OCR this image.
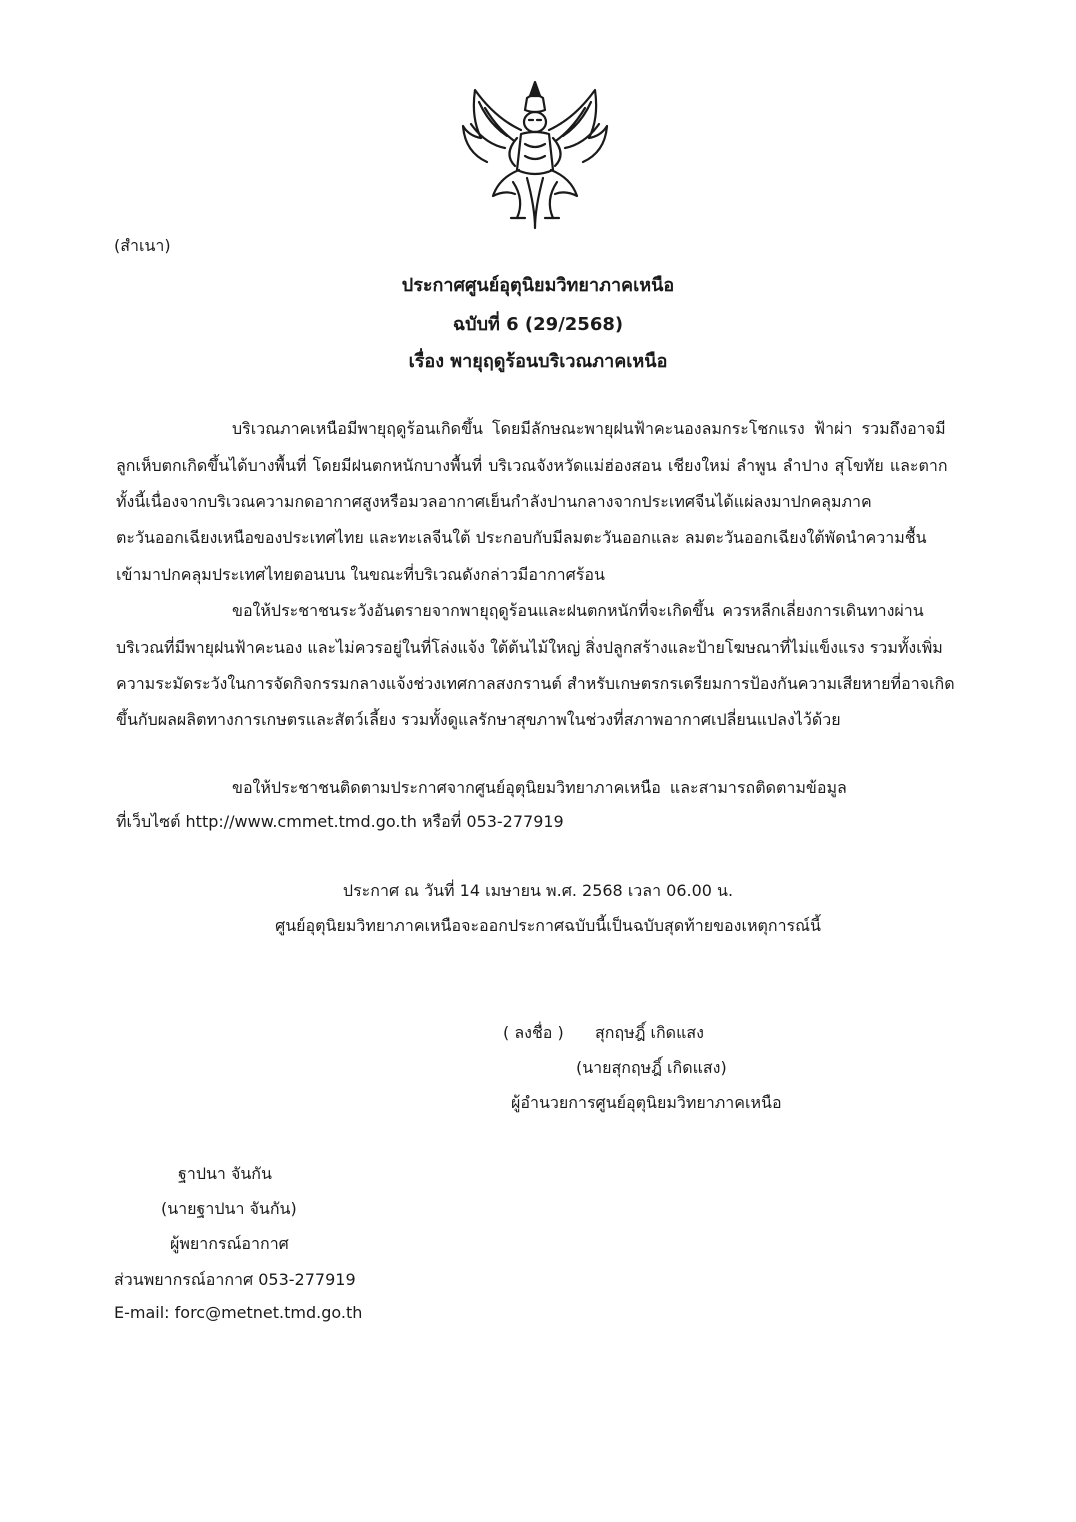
(สำเนา)
ประกาศศูนย์อุตุนิยมวิทยาภาคเหนือ
ฉบับที่ 6 (29/2568)
เรื่อง พายุฤดูร้อนบริเวณภาคเหนือ
บริเวณภาคเหนือมีพายุฤดูร้อนเกิดขึ้น โดยมีลักษณะพายุฝนฟ้าคะนองลมกระโชกแรง ฟ้าผ่า รวมถึงอาจมี
ลูกเห็บตกเกิดขึ้นได้บางพื้นที่ โดยมีฝนตกหนักบางพื้นที่ บริเวณจังหวัดแม่ฮ่องสอน เชียงใหม่ ลำพูน ลำปาง สุโขทัย และตาก
ทั้งนี้เนื่องจากบริเวณความกดอากาศสูงหรือมวลอากาศเย็นกำลังปานกลางจากประเทศจีนได้แผ่ลงมาปกคลุมภาค
ตะวันออกเฉียงเหนือของประเทศไทย และทะเลจีนใต้ ประกอบกับมีลมตะวันออกและ ลมตะวันออกเฉียงใต้พัดนำความชื้น
เข้ามาปกคลุมประเทศไทยตอนบน ในขณะที่บริเวณดังกล่าวมีอากาศร้อน
ขอให้ประชาชนระวังอันตรายจากพายุฤดูร้อนและฝนตกหนักที่จะเกิดขึ้น ควรหลีกเลี่ยงการเดินทางผ่าน
บริเวณที่มีพายุฝนฟ้าคะนอง และไม่ควรอยู่ในที่โล่งแจ้ง ใต้ต้นไม้ใหญ่ สิ่งปลูกสร้างและป้ายโฆษณาที่ไม่แข็งแรง รวมทั้งเพิ่ม
ความระมัดระวังในการจัดกิจกรรมกลางแจ้งช่วงเทศกาลสงกรานต์ สำหรับเกษตรกรเตรียมการป้องกันความเสียหายที่อาจเกิด
ขึ้นกับผลผลิตทางการเกษตรและสัตว์เลี้ยง รวมทั้งดูแลรักษาสุขภาพในช่วงที่สภาพอากาศเปลี่ยนแปลงไว้ด้วย
ขอให้ประชาชนติดตามประกาศจากศูนย์อุตุนิยมวิทยาภาคเหนือ และสามารถติดตามข้อมูล
ที่เว็บไซต์ http://www.cmmet.tmd.go.th หรือที่ 053-277919
ประกาศ ณ วันที่ 14 เมษายน พ.ศ. 2568 เวลา 06.00 น.
ศูนย์อุตุนิยมวิทยาภาคเหนือจะออกประกาศฉบับนี้เป็นฉบับสุดท้ายของเหตุการณ์นี้
( ลงชื่อ ) สุกฤษฎิ์ เกิดแสง
(นายสุกฤษฎิ์ เกิดแสง)
ผู้อำนวยการศูนย์อุตุนิยมวิทยาภาคเหนือ
ฐาปนา จันกัน
(นายฐาปนา จันกัน)
ผู้พยากรณ์อากาศ
ส่วนพยากรณ์อากาศ 053-277919
E-mail: forc@metnet.tmd.go.th
